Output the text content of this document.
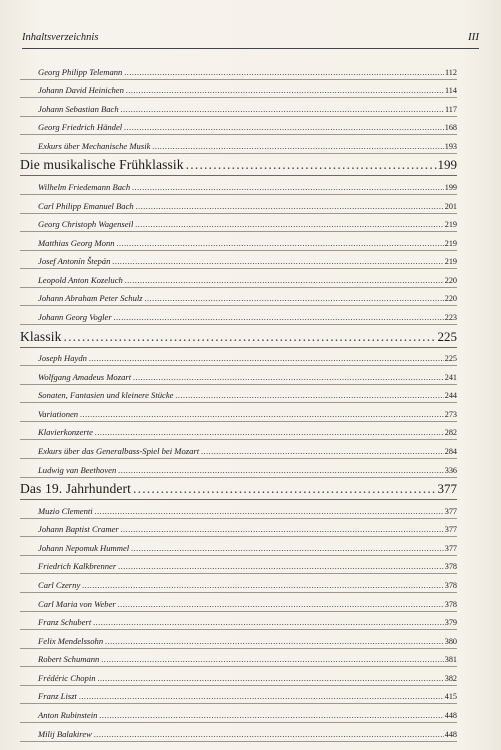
Inhaltsverzeichnis	III
Georg Philipp Telemann .....	112
Johann David Heinichen .....	114
Johann Sebastian Bach .....	117
Georg Friedrich Händel .....	168
Exkurs über Mechanische Musik .....	193
Die musikalische Frühklassik .....	199
Wilhelm Friedemann Bach .....	199
Carl Philipp Emanuel Bach .....	201
Georg Christoph Wagenseil .....	219
Matthias Georg Monn .....	219
Josef Antonín Štepán .....	219
Leopold Anton Kozeluch .....	220
Johann Abraham Peter Schulz .....	220
Johann Georg Vogler .....	223
Klassik .....	225
Joseph Haydn .....	225
Wolfgang Amadeus Mozart .....	241
Sonaten, Fantasien und kleinere Stücke .....	244
Variationen .....	273
Klavierkonzerte .....	282
Exkurs über das Generalbass-Spiel bei Mozart .....	284
Ludwig van Beethoven .....	336
Das 19. Jahrhundert .....	377
Muzio Clementi .....	377
Johann Baptist Cramer .....	377
Johann Nepomuk Hummel .....	377
Friedrich Kalkbrenner .....	378
Carl Czerny .....	378
Carl Maria von Weber .....	378
Franz Schubert .....	379
Felix Mendelssohn .....	380
Robert Schumann .....	381
Frédéric Chopin .....	382
Franz Liszt .....	415
Anton Rubinstein .....	448
Milij Balakirew .....	448
